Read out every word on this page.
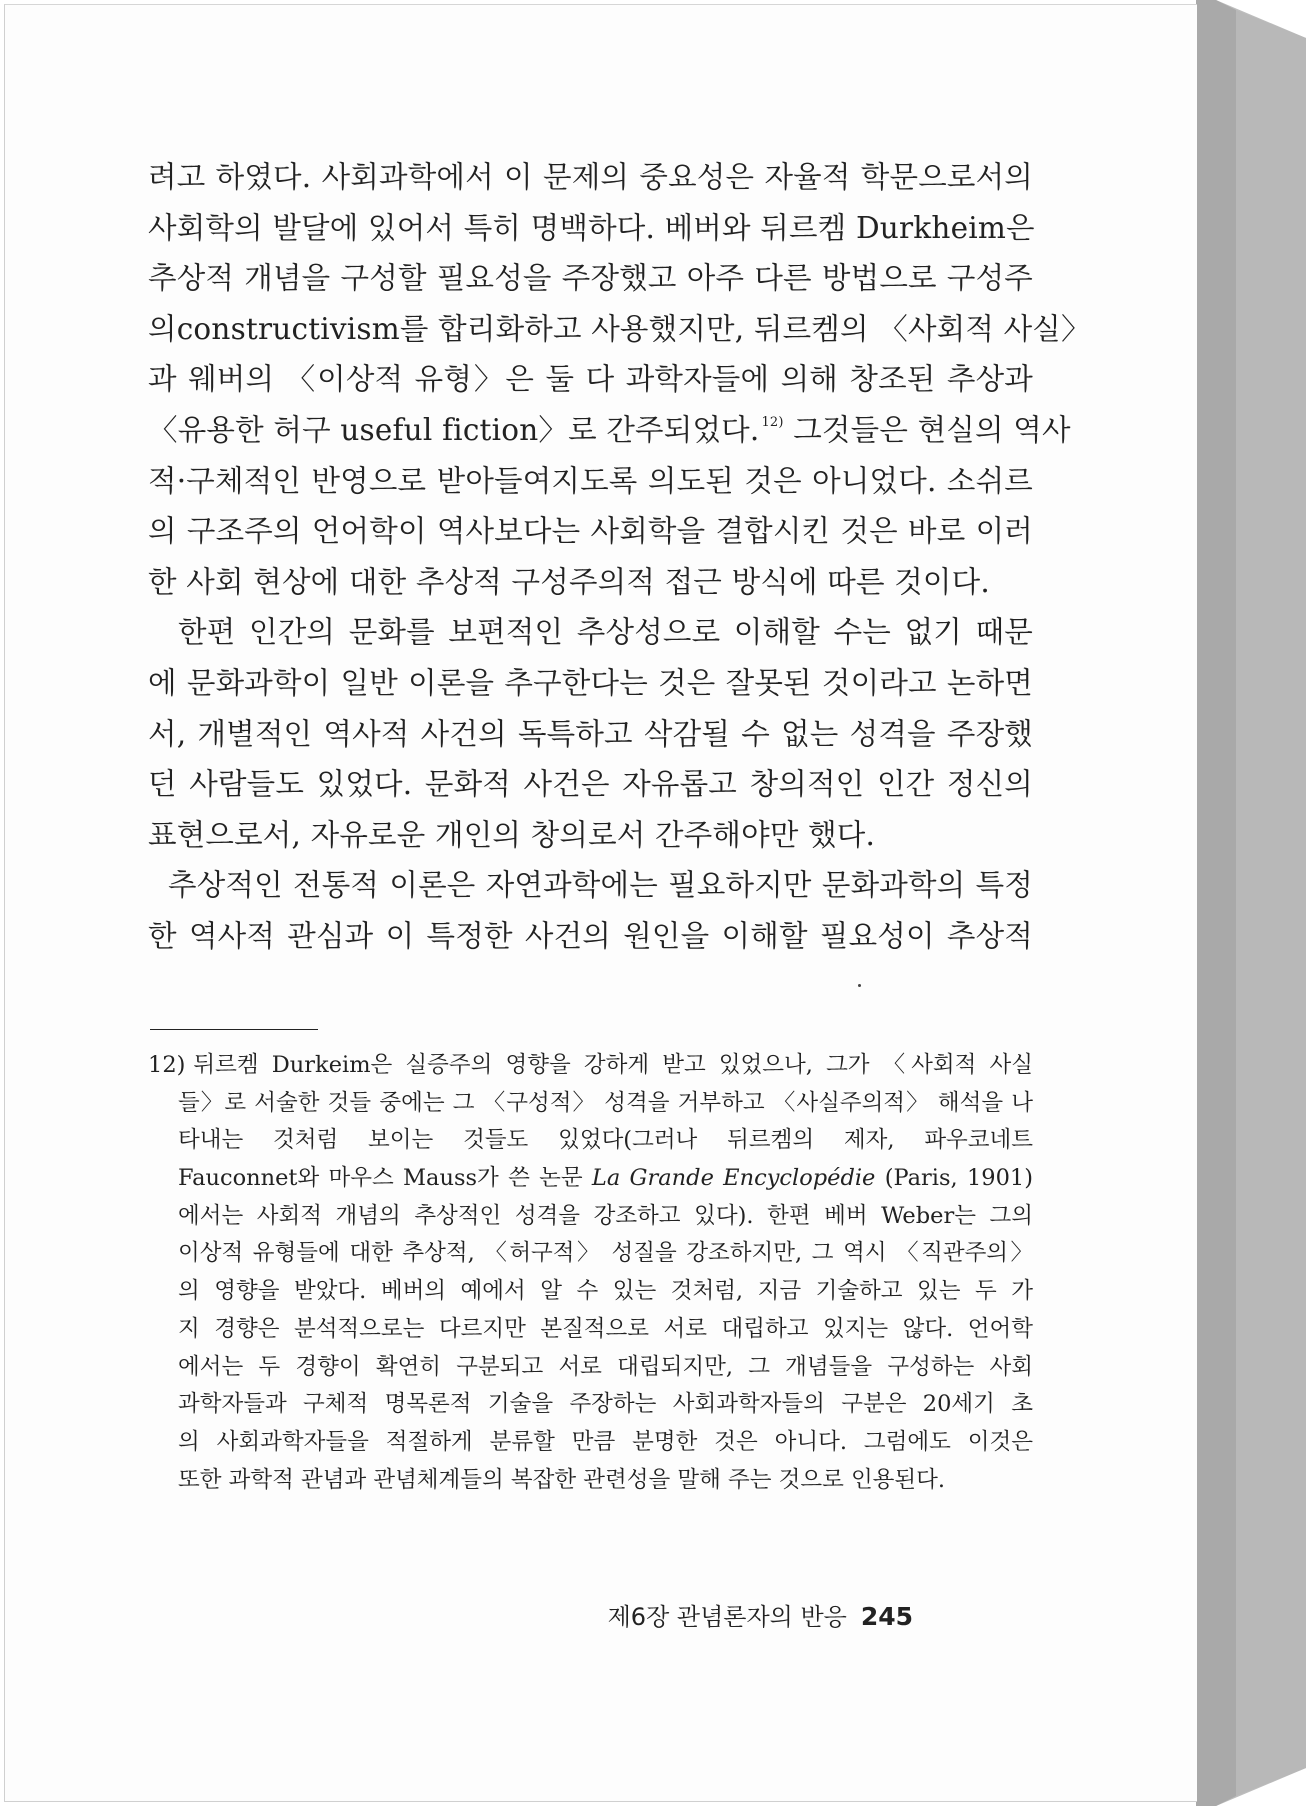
려고 하였다. 사회과학에서 이 문제의 중요성은 자율적 학문으로서의
사회학의 발달에 있어서 특히 명백하다. 베버와 뒤르켐 Durkheim은
추상적 개념을 구성할 필요성을 주장했고 아주 다른 방법으로 구성주
의constructivism를 합리화하고 사용했지만, 뒤르켐의 〈사회적 사실〉
과 웨버의 〈이상적 유형〉은 둘 다 과학자들에 의해 창조된 추상과
〈유용한 허구 useful fiction〉로 간주되었다. $^{12)}$ 그것들은 현실의 역사
적·구체적인 반영으로 받아들여지도록 의도된 것은 아니었다. 소쉬르
의 구조주의 언어학이 역사보다는 사회학을 결합시킨 것은 바로 이러
한 사회 현상에 대한 추상적 구성주의적 접근 방식에 따른 것이다.
한편 인간의 문화를 보편적인 추상성으로 이해할 수는 없기 때문
에 문화과학이 일반 이론을 추구한다는 것은 잘못된 것이라고 논하면
서, 개별적인 역사적 사건의 독특하고 삭감될 수 없는 성격을 주장했
던 사람들도 있었다. 문화적 사건은 자유롭고 창의적인 인간 정신의
표현으로서, 자유로운 개인의 창의로서 간주해야만 했다.
추상적인 전통적 이론은 자연과학에는 필요하지만 문화과학의 특정
한 역사적 관심과 이 특정한 사건의 원인을 이해할 필요성이 추상적
12) 뒤르켐 Durkeim은 실증주의 영향을 강하게 받고 있었으나, 그가 〈사회적 사실
들〉로 서술한 것들 중에는 그 〈구성적〉 성격을 거부하고 〈사실주의적〉 해석을 나
타내는 것처럼 보이는 것들도 있었다(그러나 뒤르켐의 제자, 파우코네트
Fauconnet와 마우스 Mauss가 쓴 논문 La Grande Encyclopédie (Paris, 1901)
에서는 사회적 개념의 추상적인 성격을 강조하고 있다). 한편 베버 Weber는 그의
이상적 유형들에 대한 추상적, 〈허구적〉 성질을 강조하지만, 그 역시 〈직관주의〉
의 영향을 받았다. 베버의 예에서 알 수 있는 것처럼, 지금 기술하고 있는 두 가
지 경향은 분석적으로는 다르지만 본질적으로 서로 대립하고 있지는 않다. 언어학
에서는 두 경향이 확연히 구분되고 서로 대립되지만, 그 개념들을 구성하는 사회
과학자들과 구체적 명목론적 기술을 주장하는 사회과학자들의 구분은 20세기 초
의 사회과학자들을 적절하게 분류할 만큼 분명한 것은 아니다. 그럼에도 이것은
또한 과학적 관념과 관념체계들의 복잡한 관련성을 말해 주는 것으로 인용된다.
제6장 관념론자의 반응 245
